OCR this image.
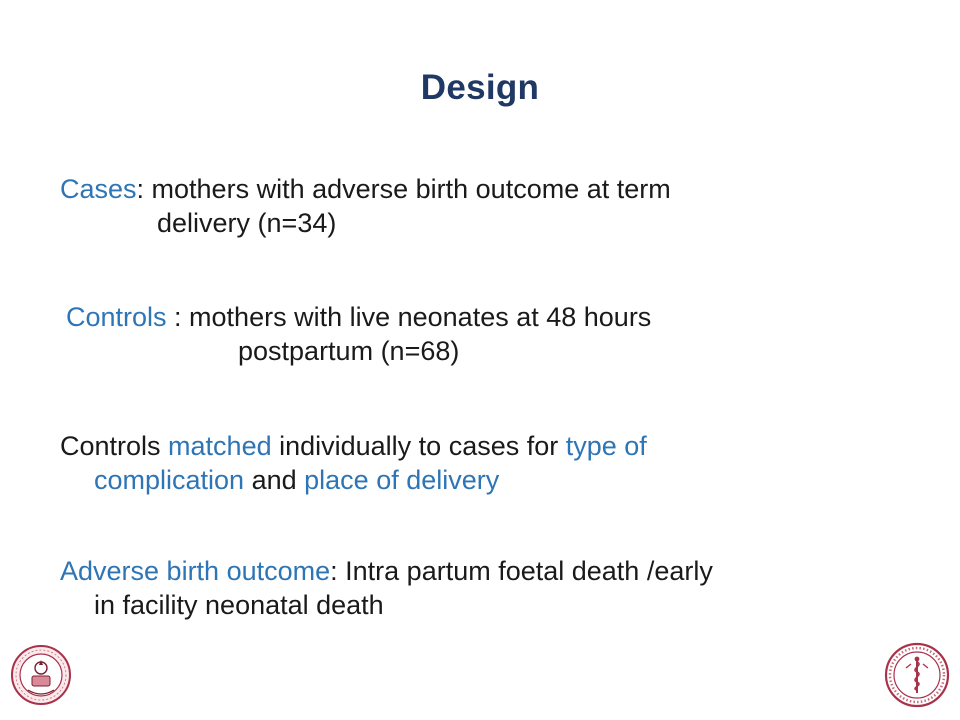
Design
Cases: mothers with adverse birth outcome at term
delivery (n=34)
Controls : mothers with live neonates at 48 hours
postpartum (n=68)
Controls matched individually to cases for type of
complication and place of delivery
Adverse birth outcome: Intra partum foetal death /early
in facility neonatal death
